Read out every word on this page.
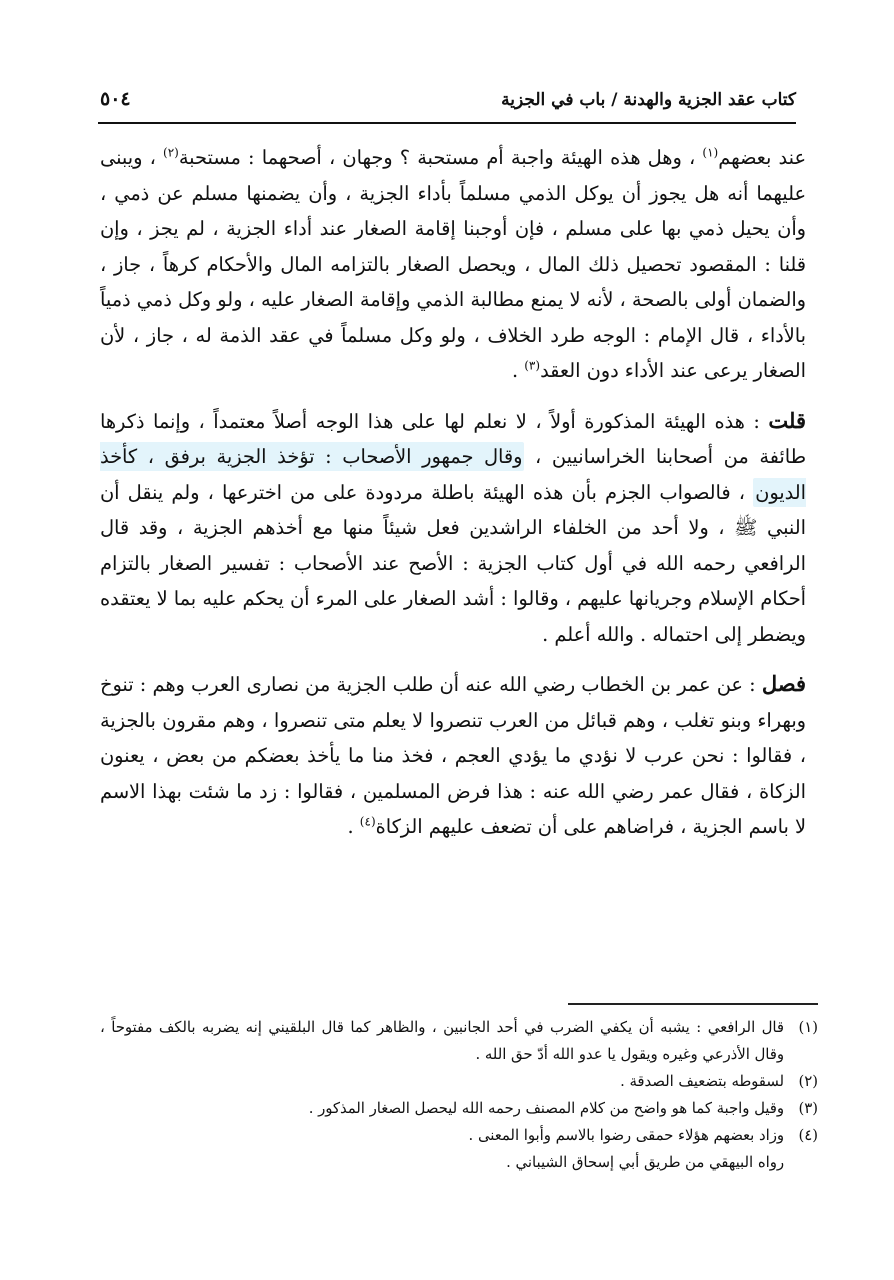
كتاب عقد الجزية والهدنة / باب في الجزية
٥٠٤

عند بعضهم$^{(١)}$ ، وهل هذه الهيئة واجبة أم مستحبة ؟ وجهان ، أصحهما : مستحبة$^{(٢)}$ ، ويبنى عليهما أنه هل يجوز أن يوكل الذمي مسلماً بأداء الجزية ، وأن يضمنها مسلم عن ذمي ، وأن يحيل ذمي بها على مسلم ، فإن أوجبنا إقامة الصغار عند أداء الجزية ، لم يجز ، وإن قلنا : المقصود تحصيل ذلك المال ، ويحصل الصغار بالتزامه المال والأحكام كرهاً ، جاز ، والضمان أولى بالصحة ، لأنه لا يمنع مطالبة الذمي وإقامة الصغار عليه ، ولو وكل ذمي ذمياً بالأداء ، قال الإمام : الوجه طرد الخلاف ، ولو وكل مسلماً في عقد الذمة له ، جاز ، لأن الصغار يرعى عند الأداء دون العقد$^{(٣)}$ .

قلت : هذه الهيئة المذكورة أولاً ، لا نعلم لها على هذا الوجه أصلاً معتمداً ، وإنما ذكرها طائفة من أصحابنا الخراسانيين ، وقال جمهور الأصحاب : تؤخذ الجزية برفق ، كأخذ الديون ، فالصواب الجزم بأن هذه الهيئة باطلة مردودة على من اخترعها ، ولم ينقل أن النبي ﷺ ، ولا أحد من الخلفاء الراشدين فعل شيئاً منها مع أخذهم الجزية ، وقد قال الرافعي رحمه الله في أول كتاب الجزية : الأصح عند الأصحاب : تفسير الصغار بالتزام أحكام الإسلام وجريانها عليهم ، وقالوا : أشد الصغار على المرء أن يحكم عليه بما لا يعتقده ويضطر إلى احتماله . والله أعلم .

فصل : عن عمر بن الخطاب رضي الله عنه أن طلب الجزية من نصارى العرب وهم : تنوخ وبهراء وبنو تغلب ، وهم قبائل من العرب تنصروا لا يعلم متى تنصروا ، وهم مقرون بالجزية ، فقالوا : نحن عرب لا نؤدي ما يؤدي العجم ، فخذ منا ما يأخذ بعضكم من بعض ، يعنون الزكاة ، فقال عمر رضي الله عنه : هذا فرض المسلمين ، فقالوا : زد ما شئت بهذا الاسم لا باسم الجزية ، فراضاهم على أن تضعف عليهم الزكاة$^{(٤)}$ .

(١)
قال الرافعي : يشبه أن يكفي الضرب في أحد الجانبين ، والظاهر كما قال البلقيني إنه يضربه بالكف مفتوحاً ، وقال الأذرعي وغيره ويقول يا عدو الله أدّ حق الله .
(٢)
لسقوطه بتضعيف الصدقة .
(٣)
وقيل واجبة كما هو واضح من كلام المصنف رحمه الله ليحصل الصغار المذكور .
(٤)
وزاد بعضهم هؤلاء حمقى رضوا بالاسم وأبوا المعنى .
رواه البيهقي من طريق أبي إسحاق الشيباني .
